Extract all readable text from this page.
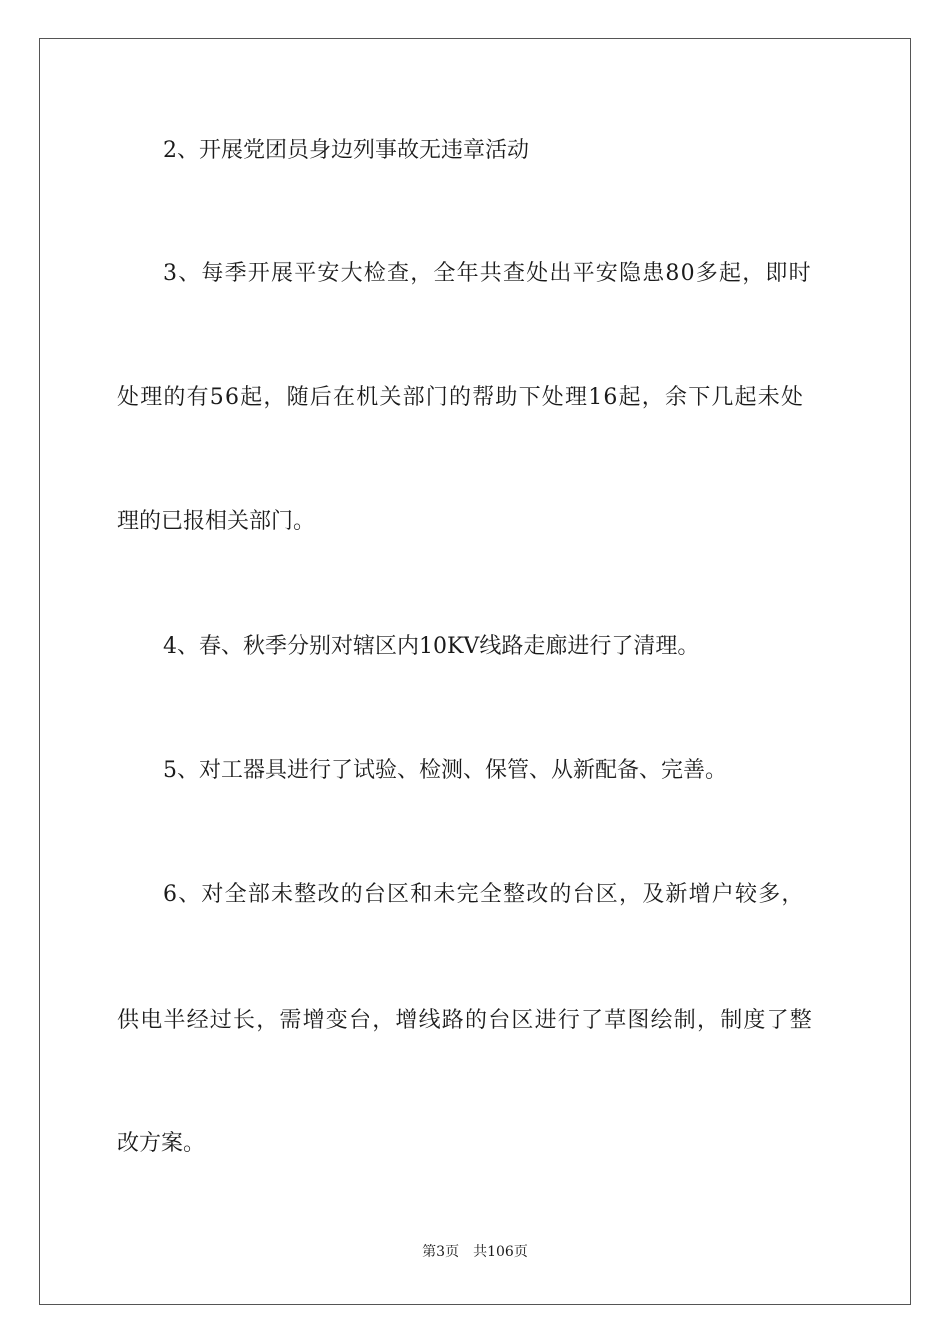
2、开展党团员身边列事故无违章活动
3、每季开展平安大检查，全年共查处出平安隐患80多起，即时
处理的有56起，随后在机关部门的帮助下处理16起，余下几起未处
理的已报相关部门。
4、春、秋季分别对辖区内10KV线路走廊进行了清理。
5、对工器具进行了试验、检测、保管、从新配备、完善。
6、对全部未整改的台区和未完全整改的台区，及新增户较多，
供电半经过长，需增变台，增线路的台区进行了草图绘制，制度了整
改方案。
第3页 共106页
